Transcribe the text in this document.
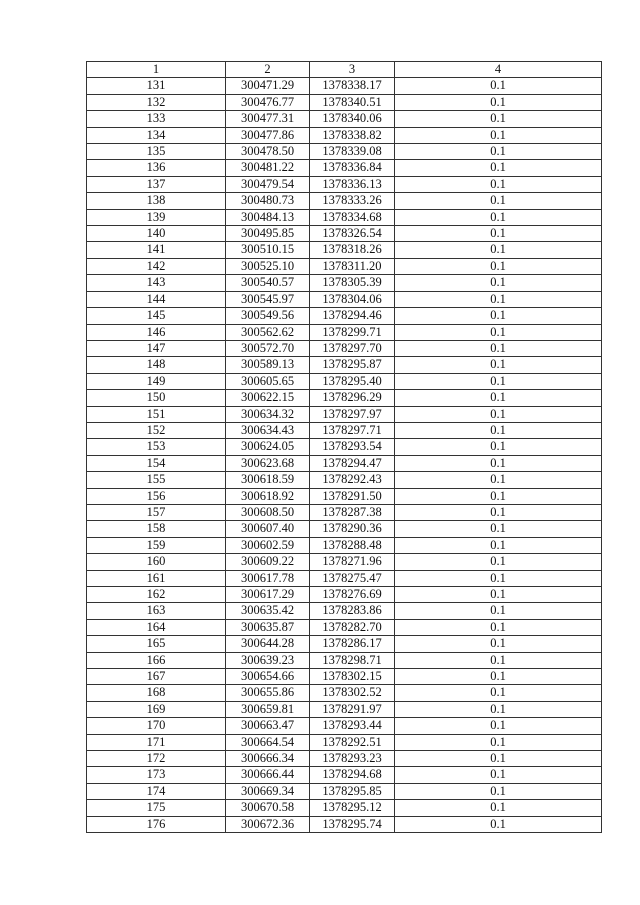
1	2	3	4
131	300471.29	1378338.17	0.1
132	300476.77	1378340.51	0.1
133	300477.31	1378340.06	0.1
134	300477.86	1378338.82	0.1
135	300478.50	1378339.08	0.1
136	300481.22	1378336.84	0.1
137	300479.54	1378336.13	0.1
138	300480.73	1378333.26	0.1
139	300484.13	1378334.68	0.1
140	300495.85	1378326.54	0.1
141	300510.15	1378318.26	0.1
142	300525.10	1378311.20	0.1
143	300540.57	1378305.39	0.1
144	300545.97	1378304.06	0.1
145	300549.56	1378294.46	0.1
146	300562.62	1378299.71	0.1
147	300572.70	1378297.70	0.1
148	300589.13	1378295.87	0.1
149	300605.65	1378295.40	0.1
150	300622.15	1378296.29	0.1
151	300634.32	1378297.97	0.1
152	300634.43	1378297.71	0.1
153	300624.05	1378293.54	0.1
154	300623.68	1378294.47	0.1
155	300618.59	1378292.43	0.1
156	300618.92	1378291.50	0.1
157	300608.50	1378287.38	0.1
158	300607.40	1378290.36	0.1
159	300602.59	1378288.48	0.1
160	300609.22	1378271.96	0.1
161	300617.78	1378275.47	0.1
162	300617.29	1378276.69	0.1
163	300635.42	1378283.86	0.1
164	300635.87	1378282.70	0.1
165	300644.28	1378286.17	0.1
166	300639.23	1378298.71	0.1
167	300654.66	1378302.15	0.1
168	300655.86	1378302.52	0.1
169	300659.81	1378291.97	0.1
170	300663.47	1378293.44	0.1
171	300664.54	1378292.51	0.1
172	300666.34	1378293.23	0.1
173	300666.44	1378294.68	0.1
174	300669.34	1378295.85	0.1
175	300670.58	1378295.12	0.1
176	300672.36	1378295.74	0.1
